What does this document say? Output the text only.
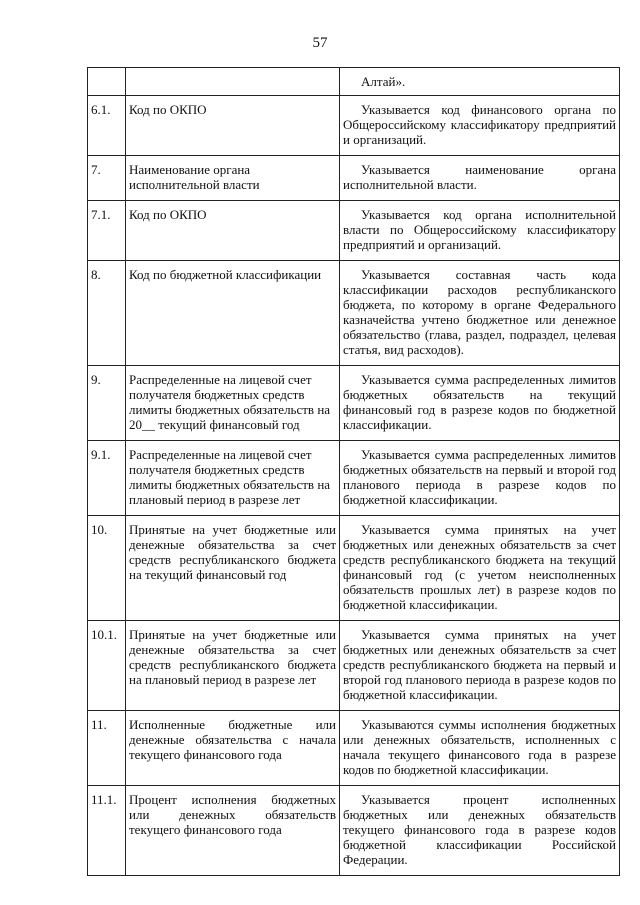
57

		Алтай».

6.1.	Код по ОКПО	Указывается код финансового органа по Общероссийскому классификатору предприятий и организаций.

7.	Наименование органа исполнительной власти	Указывается наименование органа исполнительной власти.

7.1.	Код по ОКПО	Указывается код органа исполнительной власти по Общероссийскому классификатору предприятий и организаций.

8.	Код по бюджетной классификации	Указывается составная часть кода классификации расходов республиканского бюджета, по которому в органе Федерального казначейства учтено бюджетное или денежное обязательство (глава, раздел, подраздел, целевая статья, вид расходов).

9.	Распределенные на лицевой счет получателя бюджетных средств лимиты бюджетных обязательств на 20__ текущий финансовый год	Указывается сумма распределенных лимитов бюджетных обязательств на текущий финансовый год в разрезе кодов по бюджетной классификации.

9.1.	Распределенные на лицевой счет получателя бюджетных средств лимиты бюджетных обязательств на плановый период в разрезе лет	Указывается сумма распределенных лимитов бюджетных обязательств на первый и второй год планового периода в разрезе кодов по бюджетной классификации.

10.	Принятые на учет бюджетные или денежные обязательства за счет средств республиканского бюджета на текущий финансовый год	Указывается сумма принятых на учет бюджетных или денежных обязательств за счет средств республиканского бюджета на текущий финансовый год (с учетом неисполненных обязательств прошлых лет) в разрезе кодов по бюджетной классификации.

10.1.	Принятые на учет бюджетные или денежные обязательства за счет средств республиканского бюджета на плановый период в разрезе лет	Указывается сумма принятых на учет бюджетных или денежных обязательств за счет средств республиканского бюджета на первый и второй год планового периода в разрезе кодов по бюджетной классификации.

11.	Исполненные бюджетные или денежные обязательства с начала текущего финансового года	Указываются суммы исполнения бюджетных или денежных обязательств, исполненных с начала текущего финансового года в разрезе кодов по бюджетной классификации.

11.1.	Процент исполнения бюджетных или денежных обязательств текущего финансового года	Указывается процент исполненных бюджетных или денежных обязательств текущего финансового года в разрезе кодов бюджетной классификации Российской Федерации.
